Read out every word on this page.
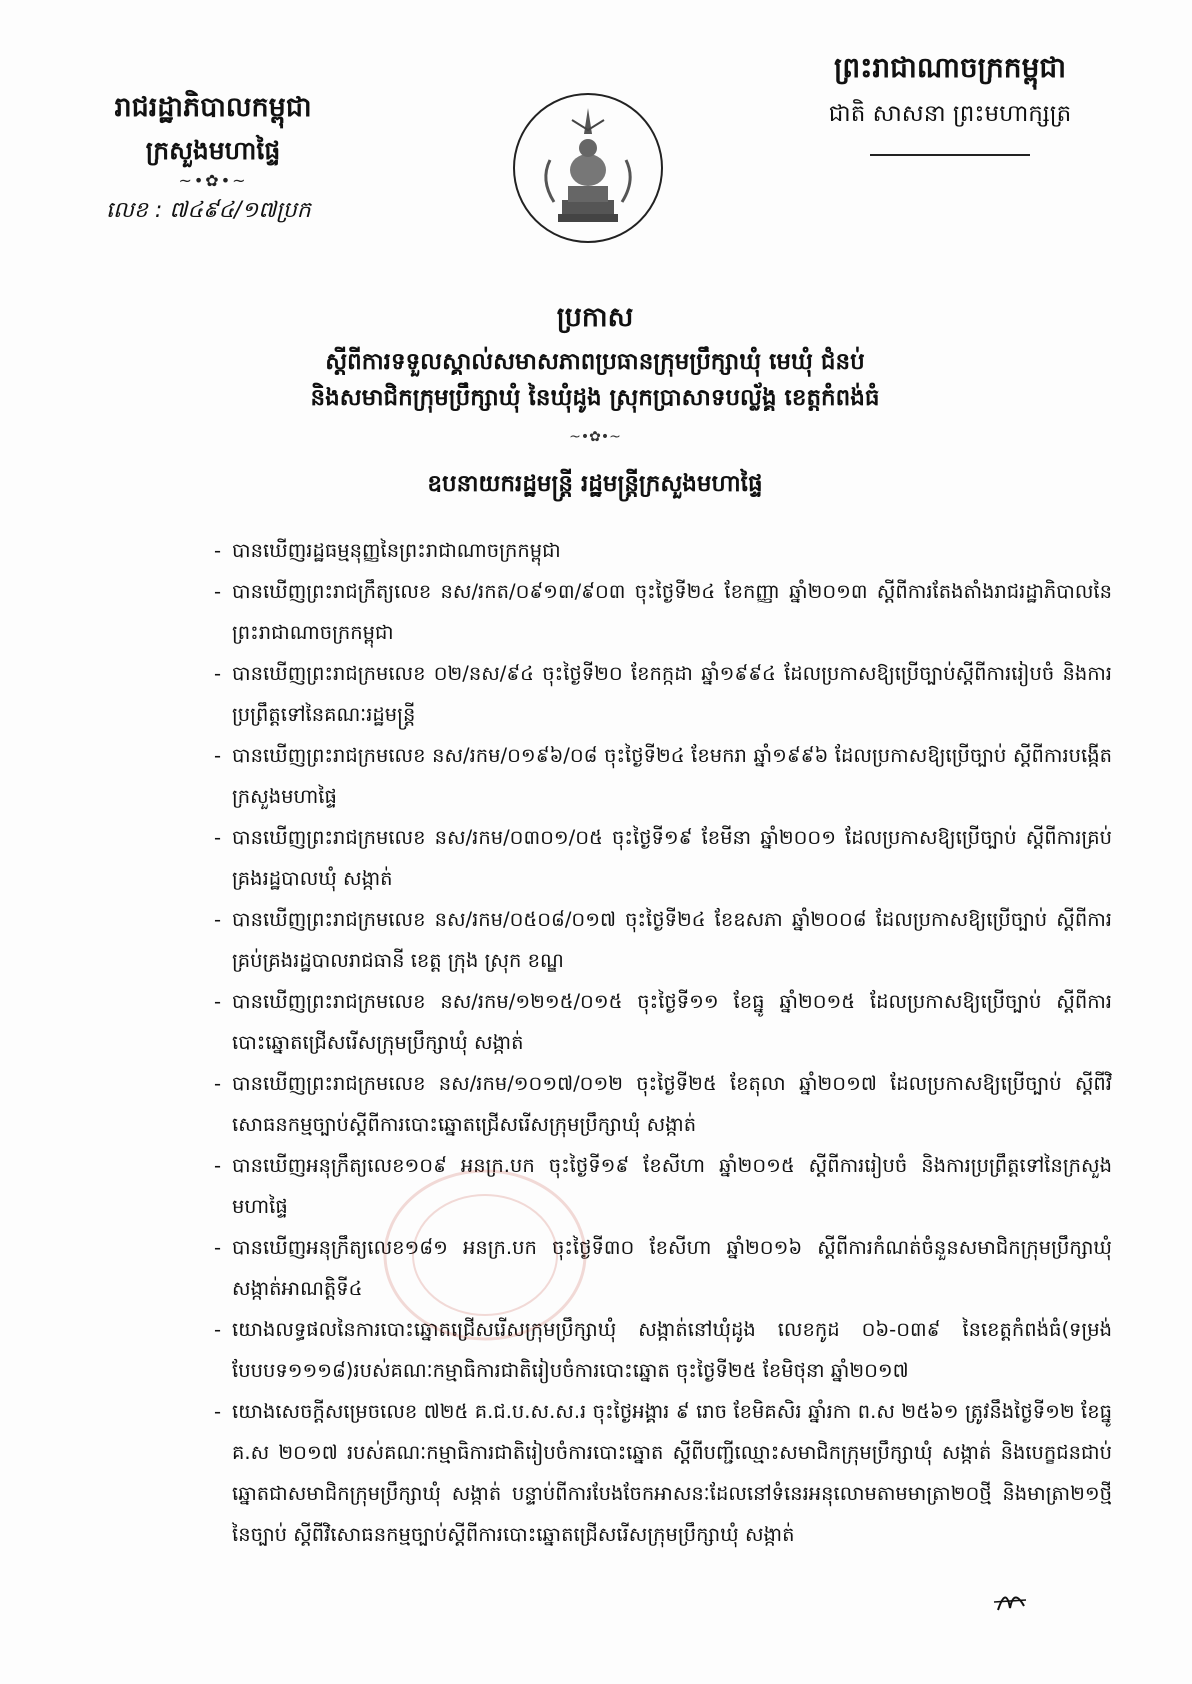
រាជរដ្ឋាភិបាលកម្ពុជា
ក្រសួងមហាផ្ទៃ
~•✿•~
លេខ : ៧៤៩៤/១៧ប្រក
ព្រះរាជាណាចក្រកម្ពុជា
ជាតិ សាសនា ព្រះមហាក្សត្រ
ប្រកាស
ស្តីពីការទទួលស្គាល់សមាសភាពប្រធានក្រុមប្រឹក្សាឃុំ មេឃុំ ជំនប់
និងសមាជិកក្រុមប្រឹក្សាឃុំ នៃឃុំដូង ស្រុកប្រាសាទបល្ល័ង្គ ខេត្តកំពង់ធំ
~•✿•~
ឧបនាយករដ្ឋមន្ត្រី រដ្ឋមន្ត្រីក្រសួងមហាផ្ទៃ
- បានឃើញរដ្ឋធម្មនុញ្ញនៃព្រះរាជាណាចក្រកម្ពុជា
- បានឃើញព្រះរាជក្រឹត្យលេខ នស/រកត/០៩១៣/៩០៣ ចុះថ្ងៃទី២៤ ខែកញ្ញា ឆ្នាំ២០១៣ ស្តីពីការតែងតាំងរាជរដ្ឋាភិបាលនៃព្រះរាជាណាចក្រកម្ពុជា
- បានឃើញព្រះរាជក្រមលេខ ០២/នស/៩៤ ចុះថ្ងៃទី២០ ខែកក្កដា ឆ្នាំ១៩៩៤ ដែលប្រកាសឱ្យប្រើច្បាប់ស្តីពីការរៀបចំ និងការប្រព្រឹត្តទៅនៃគណៈរដ្ឋមន្ត្រី
- បានឃើញព្រះរាជក្រមលេខ នស/រកម/០១៩៦/០៨ ចុះថ្ងៃទី២៤ ខែមករា ឆ្នាំ១៩៩៦ ដែលប្រកាសឱ្យប្រើច្បាប់ ស្តីពីការបង្កើតក្រសួងមហាផ្ទៃ
- បានឃើញព្រះរាជក្រមលេខ នស/រកម/០៣០១/០៥ ចុះថ្ងៃទី១៩ ខែមីនា ឆ្នាំ២០០១ ដែលប្រកាសឱ្យប្រើច្បាប់ ស្តីពីការគ្រប់គ្រងរដ្ឋបាលឃុំ សង្កាត់
- បានឃើញព្រះរាជក្រមលេខ នស/រកម/០៥០៨/០១៧ ចុះថ្ងៃទី២៤ ខែឧសភា ឆ្នាំ២០០៨ ដែលប្រកាសឱ្យប្រើច្បាប់ ស្តីពីការគ្រប់គ្រងរដ្ឋបាលរាជធានី ខេត្ត ក្រុង ស្រុក ខណ្ឌ
- បានឃើញព្រះរាជក្រមលេខ នស/រកម/១២១៥/០១៥ ចុះថ្ងៃទី១១ ខែធ្នូ ឆ្នាំ២០១៥ ដែលប្រកាសឱ្យប្រើច្បាប់ ស្តីពីការបោះឆ្នោតជ្រើសរើសក្រុមប្រឹក្សាឃុំ សង្កាត់
- បានឃើញព្រះរាជក្រមលេខ នស/រកម/១០១៧/០១២ ចុះថ្ងៃទី២៥ ខែតុលា ឆ្នាំ២០១៧ ដែលប្រកាសឱ្យប្រើច្បាប់ ស្តីពីវិសោធនកម្មច្បាប់ស្តីពីការបោះឆ្នោតជ្រើសរើសក្រុមប្រឹក្សាឃុំ សង្កាត់
- បានឃើញអនុក្រឹត្យលេខ១០៩ អនក្រ.បក ចុះថ្ងៃទី១៩ ខែសីហា ឆ្នាំ២០១៥ ស្តីពីការរៀបចំ និងការប្រព្រឹត្តទៅនៃក្រសួងមហាផ្ទៃ
- បានឃើញអនុក្រឹត្យលេខ១៨១ អនក្រ.បក ចុះថ្ងៃទី៣០ ខែសីហា ឆ្នាំ២០១៦ ស្តីពីការកំណត់ចំនួនសមាជិកក្រុមប្រឹក្សាឃុំ សង្កាត់អាណត្តិទី៤
- យោងលទ្ធផលនៃការបោះឆ្នោតជ្រើសរើសក្រុមប្រឹក្សាឃុំ សង្កាត់នៅឃុំដូង លេខកូដ ០៦-០៣៩ នៃខេត្តកំពង់ធំ(ទម្រង់បែបបទ១១១៨)របស់គណៈកម្មាធិការជាតិរៀបចំការបោះឆ្នោត ចុះថ្ងៃទី២៥ ខែមិថុនា ឆ្នាំ២០១៧
- យោងសេចក្តីសម្រេចលេខ ៧២៥ គ.ជ.ប.ស.ស.រ ចុះថ្ងៃអង្គារ ៩ រោច ខែមិគសិរ ឆ្នាំរកា ព.ស ២៥៦១ ត្រូវនឹងថ្ងៃទី១២ ខែធ្នូ គ.ស ២០១៧ របស់គណៈកម្មាធិការជាតិរៀបចំការបោះឆ្នោត ស្តីពីបញ្ជីឈ្មោះសមាជិកក្រុមប្រឹក្សាឃុំ សង្កាត់ និងបេក្ខជនជាប់ឆ្នោតជាសមាជិកក្រុមប្រឹក្សាឃុំ សង្កាត់ បន្ទាប់ពីការបែងចែកអាសនៈដែលនៅទំនេរអនុលោមតាមមាត្រា២០ថ្មី និងមាត្រា២១ថ្មី នៃច្បាប់ ស្តីពីវិសោធនកម្មច្បាប់ស្តីពីការបោះឆ្នោតជ្រើសរើសក្រុមប្រឹក្សាឃុំ សង្កាត់
